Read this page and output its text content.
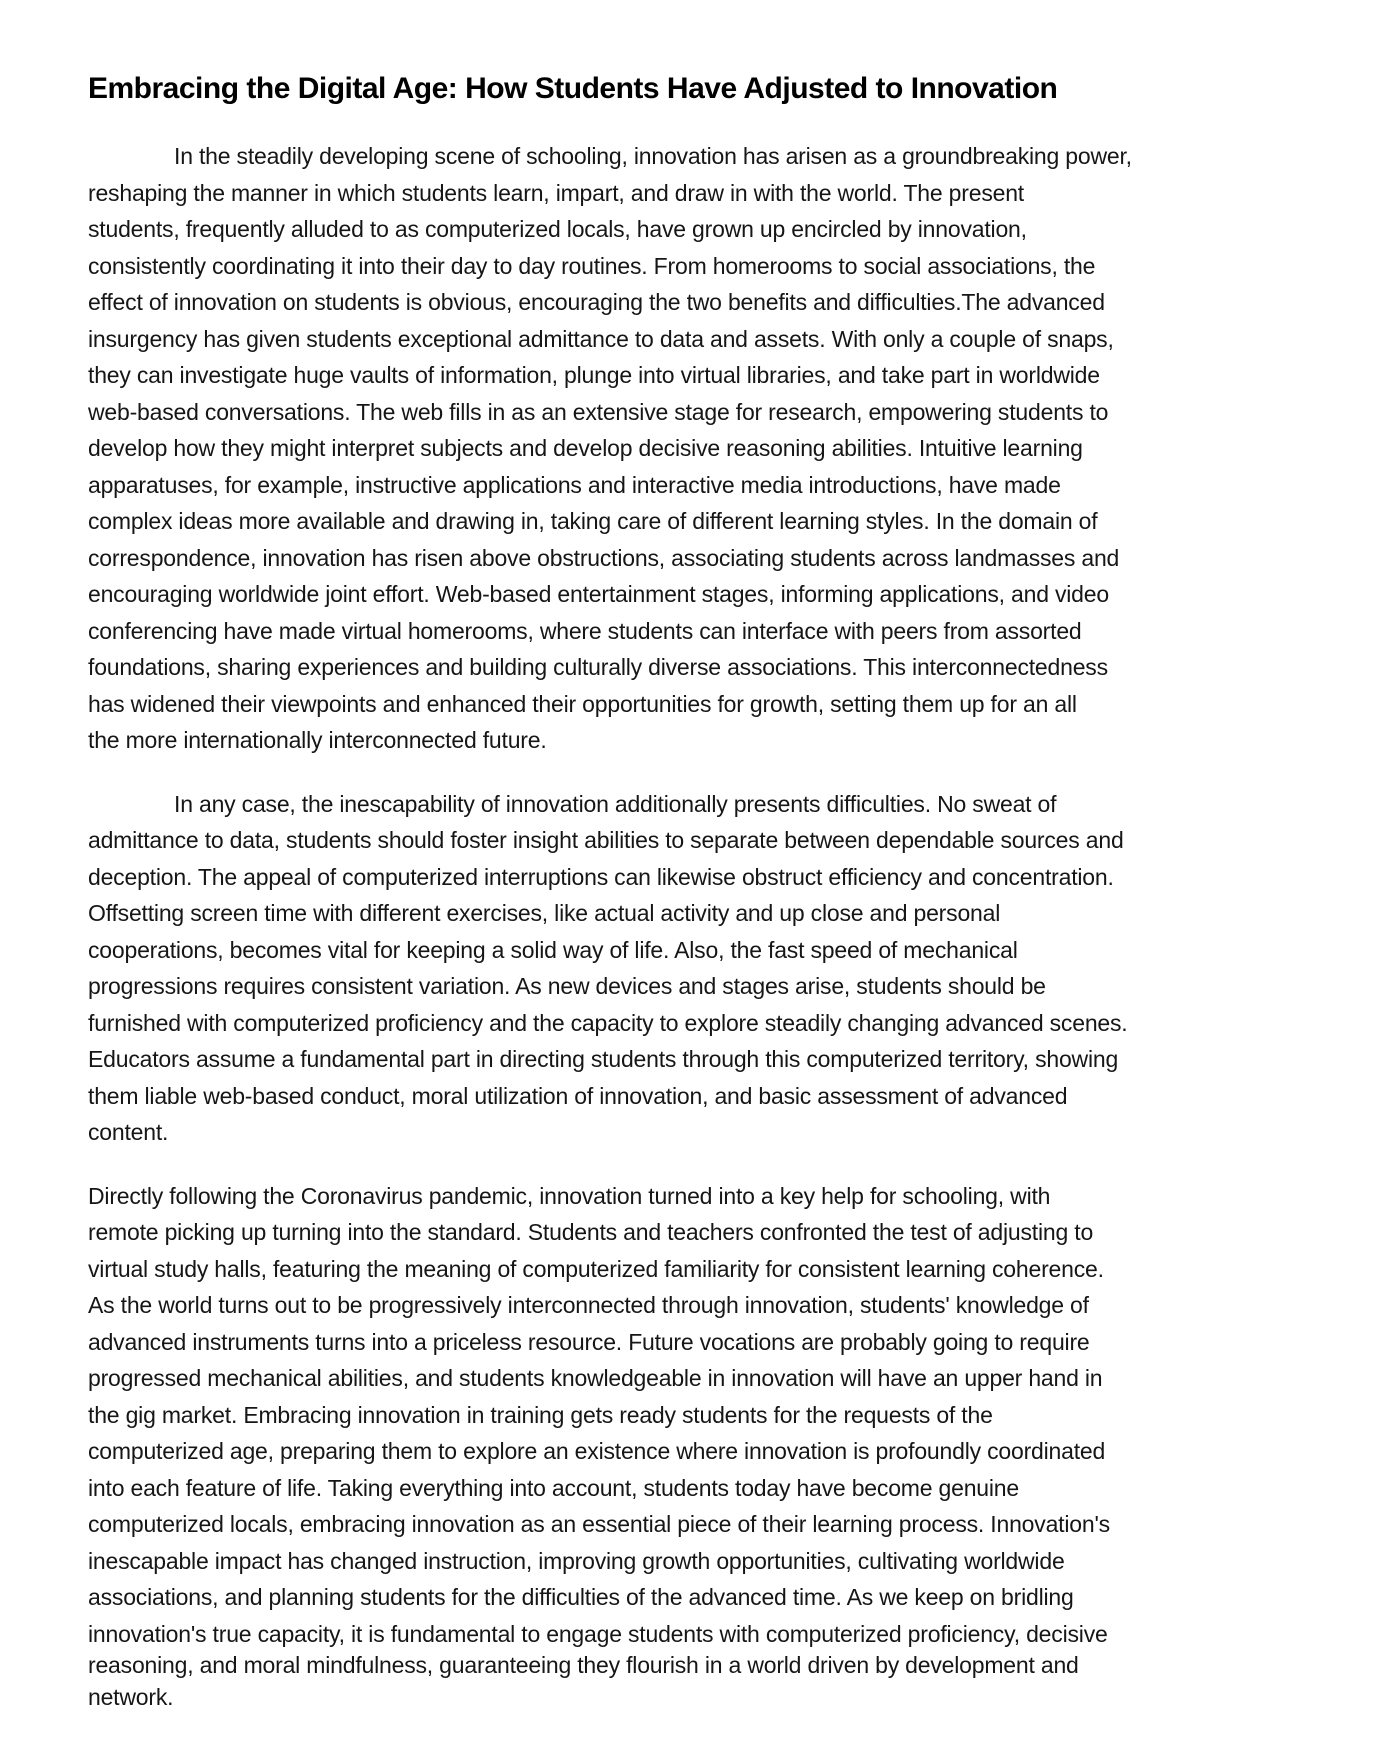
Embracing the Digital Age: How Students Have Adjusted to Innovation

In the steadily developing scene of schooling, innovation has arisen as a groundbreaking power,
reshaping the manner in which students learn, impart, and draw in with the world. The present
students, frequently alluded to as computerized locals, have grown up encircled by innovation,
consistently coordinating it into their day to day routines. From homerooms to social associations, the
effect of innovation on students is obvious, encouraging the two benefits and difficulties.The advanced
insurgency has given students exceptional admittance to data and assets. With only a couple of snaps,
they can investigate huge vaults of information, plunge into virtual libraries, and take part in worldwide
web-based conversations. The web fills in as an extensive stage for research, empowering students to
develop how they might interpret subjects and develop decisive reasoning abilities. Intuitive learning
apparatuses, for example, instructive applications and interactive media introductions, have made
complex ideas more available and drawing in, taking care of different learning styles. In the domain of
correspondence, innovation has risen above obstructions, associating students across landmasses and
encouraging worldwide joint effort. Web-based entertainment stages, informing applications, and video
conferencing have made virtual homerooms, where students can interface with peers from assorted
foundations, sharing experiences and building culturally diverse associations. This interconnectedness
has widened their viewpoints and enhanced their opportunities for growth, setting them up for an all
the more internationally interconnected future.

In any case, the inescapability of innovation additionally presents difficulties. No sweat of
admittance to data, students should foster insight abilities to separate between dependable sources and
deception. The appeal of computerized interruptions can likewise obstruct efficiency and concentration.
Offsetting screen time with different exercises, like actual activity and up close and personal
cooperations, becomes vital for keeping a solid way of life. Also, the fast speed of mechanical
progressions requires consistent variation. As new devices and stages arise, students should be
furnished with computerized proficiency and the capacity to explore steadily changing advanced scenes.
Educators assume a fundamental part in directing students through this computerized territory, showing
them liable web-based conduct, moral utilization of innovation, and basic assessment of advanced
content.

Directly following the Coronavirus pandemic, innovation turned into a key help for schooling, with
remote picking up turning into the standard. Students and teachers confronted the test of adjusting to
virtual study halls, featuring the meaning of computerized familiarity for consistent learning coherence.
As the world turns out to be progressively interconnected through innovation, students' knowledge of
advanced instruments turns into a priceless resource. Future vocations are probably going to require
progressed mechanical abilities, and students knowledgeable in innovation will have an upper hand in
the gig market. Embracing innovation in training gets ready students for the requests of the
computerized age, preparing them to explore an existence where innovation is profoundly coordinated
into each feature of life. Taking everything into account, students today have become genuine
computerized locals, embracing innovation as an essential piece of their learning process. Innovation's
inescapable impact has changed instruction, improving growth opportunities, cultivating worldwide
associations, and planning students for the difficulties of the advanced time. As we keep on bridling
innovation's true capacity, it is fundamental to engage students with computerized proficiency, decisive
reasoning, and moral mindfulness, guaranteeing they flourish in a world driven by development and
network.
